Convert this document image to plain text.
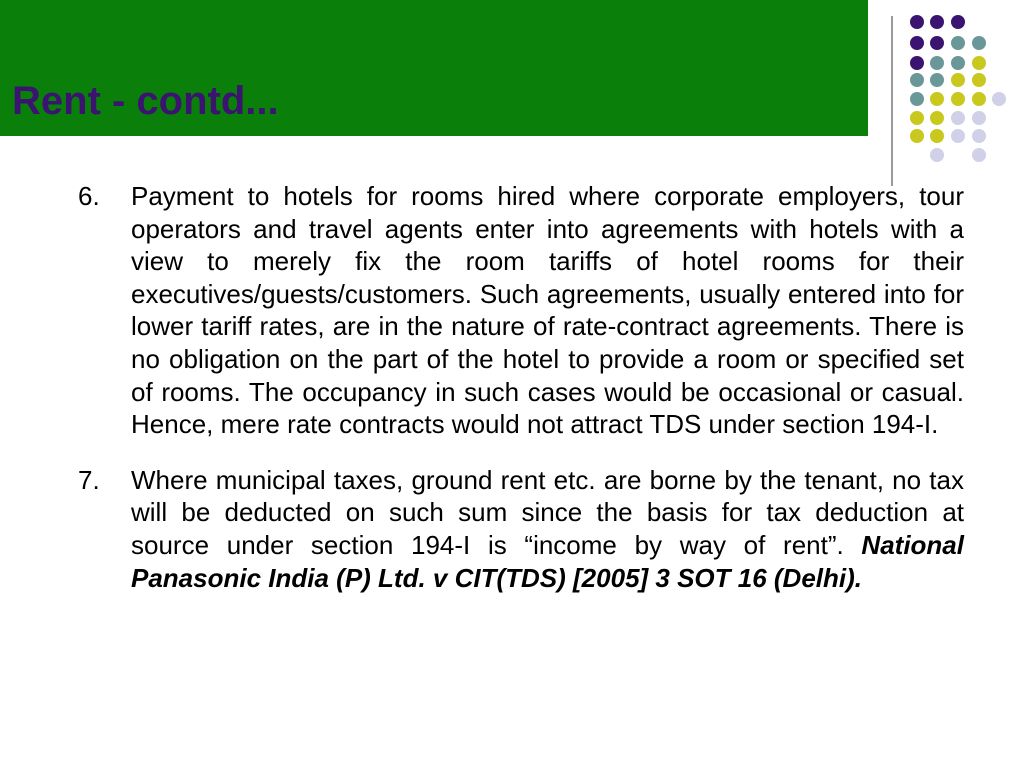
Rent - contd...
6. Payment to hotels for rooms hired where corporate employers, tour operators and travel agents enter into agreements with hotels with a view to merely fix the room tariffs of hotel rooms for their executives/guests/customers. Such agreements, usually entered into for lower tariff rates, are in the nature of rate-contract agreements. There is no obligation on the part of the hotel to provide a room or specified set of rooms. The occupancy in such cases would be occasional or casual. Hence, mere rate contracts would not attract TDS under section 194-I.
7. Where municipal taxes, ground rent etc. are borne by the tenant, no tax will be deducted on such sum since the basis for tax deduction at source under section 194-I is “income by way of rent”. National Panasonic India (P) Ltd. v CIT(TDS) [2005] 3 SOT 16 (Delhi).
